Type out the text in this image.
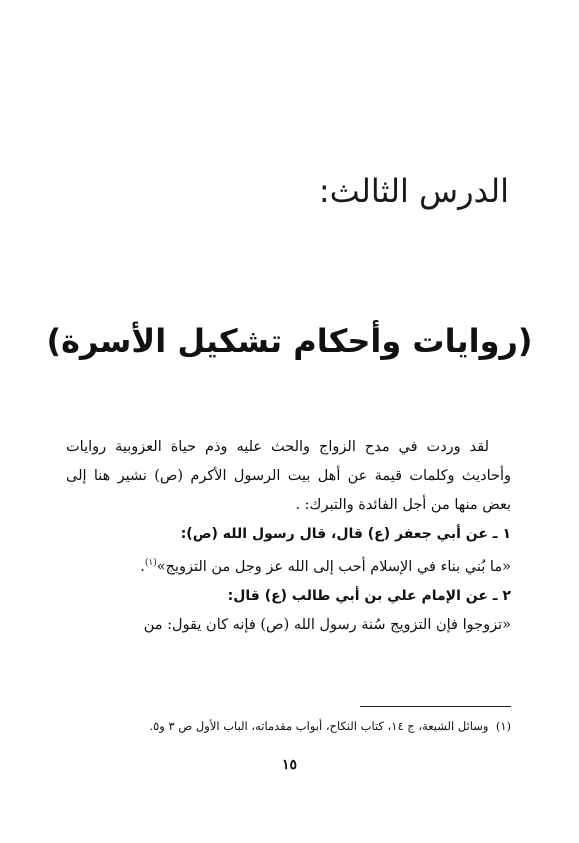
الدرس الثالث:
(روايات وأحكام تشكيل الأسرة)

لقد وردت في مدح الزواج والحث عليه وذم حياة العزوبية روايات وأحاديث وكلمات قيمة عن أهل بيت الرسول الأكرم (ص) نشير هنا إلى بعض منها من أجل الفائدة والتبرك: .

١ ـ عن أبي جعفر (ع) قال، قال رسول الله (ص):

«ما بُني بناء في الإسلام أحب إلى الله عز وجل من التزويج»$^{(١)}$.

٢ ـ عن الإمام علي بن أبي طالب (ع) قال:

«تزوجوا فإن التزويج سُنة رسول الله (ص) فإنه كان يقول: من

(١)  وسائل الشيعة، ج ١٤، كتاب النكاح، أبواب مقدماته، الباب الأول ص ٣ و٥.

١٥
